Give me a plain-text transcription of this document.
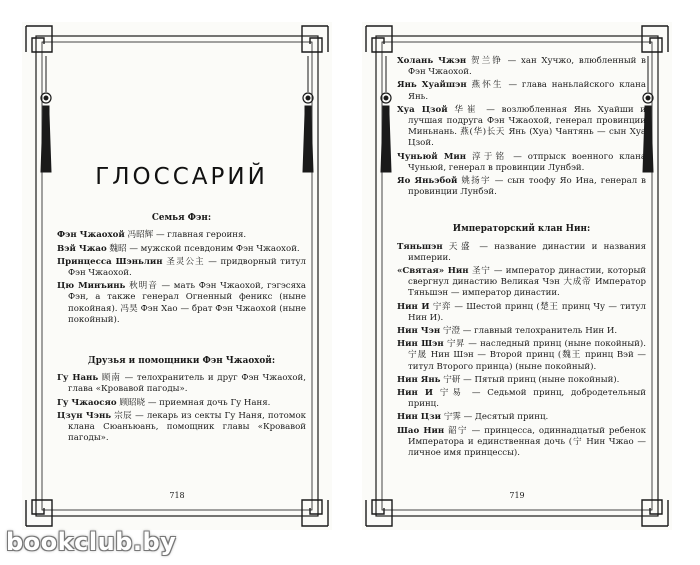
ГЛОССАРИЙ
Семья Фэн:
Фэн Чжаохой 冯昭辉 — главная героиня.
Вэй Чжао 魏昭 — мужской псевдоним Фэн Чжаохой.
Принцесса Шэньлин 圣灵公主 — придворный титул Фэн Чжаохой.
Цю Минъинь 秋明音 — мать Фэн Чжаохой, гэгэсяха Фэн, а также генерал Огненный феникс (ныне покойная). 冯昊 Фэн Хао — брат Фэн Чжаохой (ныне покойный).
Друзья и помощники Фэн Чжаохой:
Гу Нань 顾南 — телохранитель и друг Фэн Чжаохой, глава «Кровавой пагоды».
Гу Чжаосяо 顾昭晓 — приемная дочь Гу Наня.
Цзун Чэнь 宗辰 — лекарь из секты Гу Наня, потомок клана Сюаньюань, помощник главы «Кровавой пагоды».
718
Холань Чжэн 贺兰铮 — хан Хучжо, влюбленный в Фэн Чжаохой.
Янь Хуайшэн 燕怀生 — глава наньлайского клана Янь.
Хуа Цзой 华崔 — возлюбленная Янь Хуайши и лучшая подруга Фэн Чжаохой, генерал провинции Миньнань. 燕(华)长天 Янь (Хуа) Чантянь — сын Хуа Цзой.
Чуньюй Мин 淳于铭 — отпрыск военного клана Чуньюй, генерал в провинции Лунбэй.
Яо Яньэбой 姚扬宇 — сын тоофу Яо Ина, генерал в провинции Лунбэй.
Императорский клан Нин:
Тяньшэн 天盛 — название династии и названия империи.
«Святая» Нин 圣宁 — император династии, который свергнул династию Великая Чэн 大成帝 Император Тяньшэн — император династии.
Нин И 宁弈 — Шестой принц (楚王 принц Чу — титул Нин И).
Нин Чэн 宁澄 — главный телохранитель Нин И.
Нин Шэн 宁昇 — наследный принц (ныне покойный). 宁晟 Нин Шэн — Второй принц (魏王 принц Вэй — титул Второго принца) (ныне покойный).
Нин Янь 宁研 — Пятый принц (ныне покойный).
Нин И 宁易 — Седьмой принц, добродетельный принц.
Нин Цзи 宁霁 — Десятый принц.
Шао Нин 韶宁 — принцесса, одиннадцатый ребенок Императора и единственная дочь (宁 Нин Чжао — личное имя принцессы).
719
bookclub.by
